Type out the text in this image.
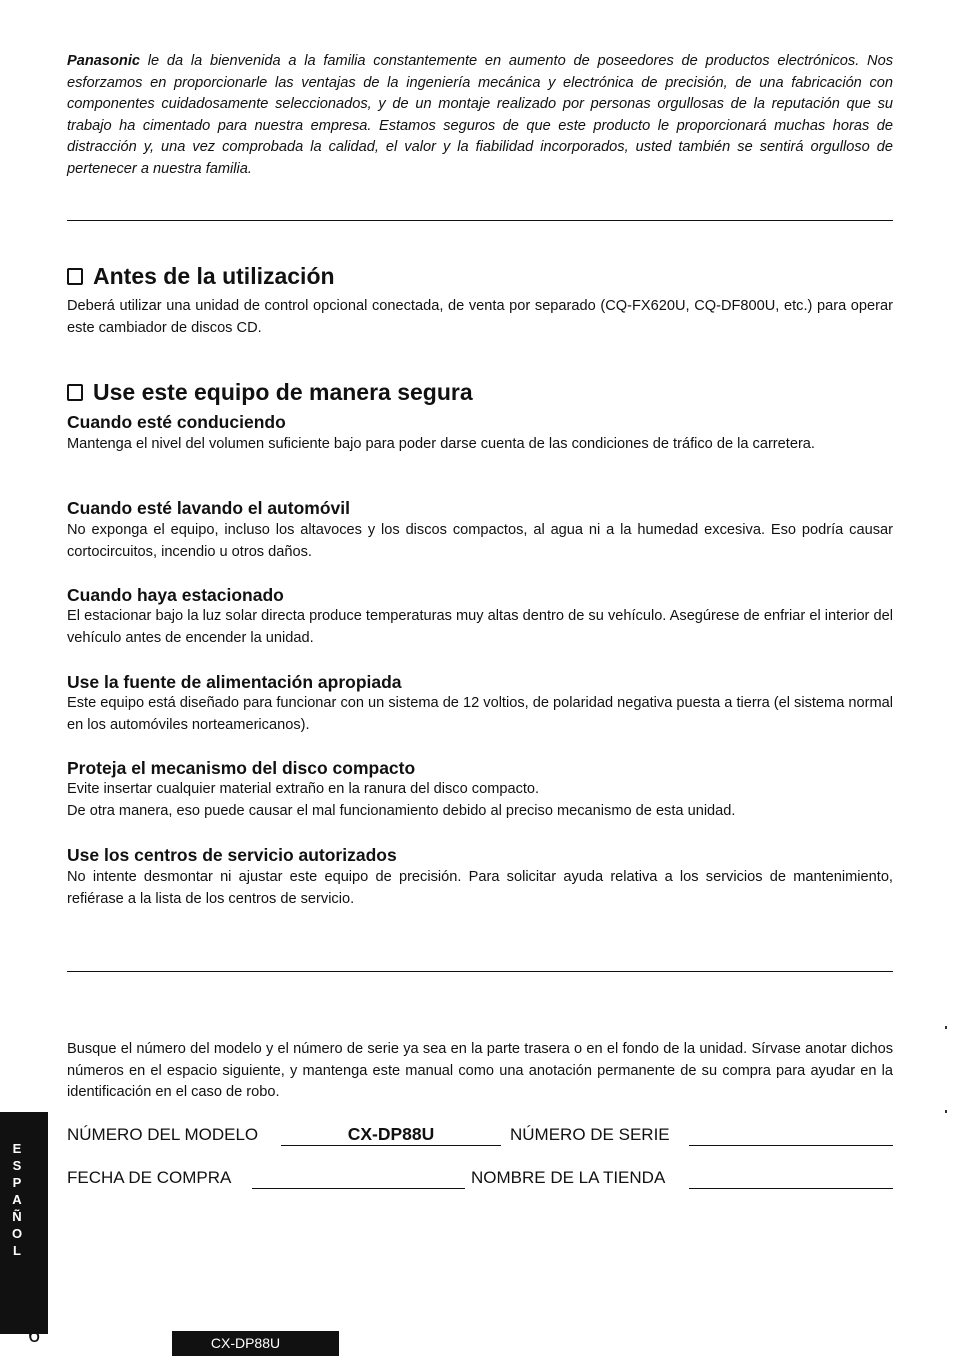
Panasonic le da la bienvenida a la familia constantemente en aumento de poseedores de productos electrónicos. Nos esforzamos en proporcionarle las ventajas de la ingeniería mecánica y electrónica de precisión, de una fabricación con componentes cuidadosamente seleccionados, y de un montaje realizado por personas orgullosas de la reputación que su trabajo ha cimentado para nuestra empresa. Estamos seguros de que este producto le proporcionará muchas horas de distracción y, una vez comprobada la calidad, el valor y la fiabilidad incorporados, usted también se sentirá orgulloso de pertenecer a nuestra familia.

Antes de la utilización

Deberá utilizar una unidad de control opcional conectada, de venta por separado (CQ-FX620U, CQ-DF800U, etc.) para operar este cambiador de discos CD.

Use este equipo de manera segura
Cuando esté conduciendo

Mantenga el nivel del volumen suficiente bajo para poder darse cuenta de las condiciones de tráfico de la carretera.

Cuando esté lavando el automóvil

No exponga el equipo, incluso los altavoces y los discos compactos, al agua ni a la humedad excesiva. Eso podría causar cortocircuitos, incendio u otros daños.

Cuando haya estacionado

El estacionar bajo la luz solar directa produce temperaturas muy altas dentro de su vehículo. Asegúrese de enfriar el interior del vehículo antes de encender la unidad.

Use la fuente de alimentación apropiada

Este equipo está diseñado para funcionar con un sistema de 12 voltios, de polaridad negativa puesta a tierra (el sistema normal en los automóviles norteamericanos).

Proteja el mecanismo del disco compacto

Evite insertar cualquier material extraño en la ranura del disco compacto.

De otra manera, eso puede causar el mal funcionamiento debido al preciso mecanismo de esta unidad.

Use los centros de servicio autorizados

No intente desmontar ni ajustar este equipo de precisión. Para solicitar ayuda relativa a los servicios de mantenimiento, refiérase a la lista de los centros de servicio.

Busque el número del modelo y el número de serie ya sea en la parte trasera o en el fondo de la unidad. Sírvase anotar dichos números en el espacio siguiente, y mantenga este manual como una anotación permanente de su compra para ayudar en la identificación en el caso de robo.

NÚMERO DEL MODELO	CX-DP88U	NÚMERO DE SERIE
FECHA DE COMPRA	NOMBRE DE LA TIENDA
E
S
P
A
Ñ
O
L
6	CX-DP88U
